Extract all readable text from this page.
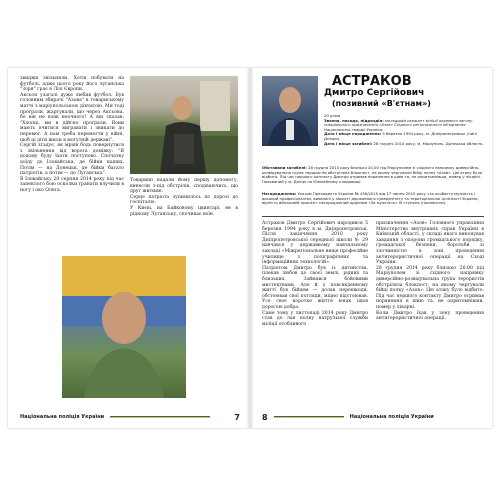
звиджи звільнили. Хотів побувати на футболі, адже цього року його луганська "Зоря" грає в Лізі Європи.
Аксьон узагалі дуже любив футбол. Був головним збирачі "Азова" в товариському матчі з маріупольською дівчатою. Ми тоді програли, жартували, що через Аксьона, бо він не взяв неочного! А він сказав: "Хлопці, ми в дійсно програли. Вони мають вчитися вигравати і звикати до перемог. А нам треба перемогти у війні, щоб ці діти жили в могутній державі".
Сергій згадує, як мріяв бодь повернутися з звільнення від ворога домівку: "Я додому буду їхати поступово. Спочатку доїду до Іловайська, де бійки наших. Потім — на Донецьк, де бійки багато патріотів, а потім — до Луганська".
В Іловайську 20 серпня 2014 року під час запеклого бою осколки гранати влучили в ногу і око Олега.

Товариші надали йому першу допомогу, винесли з-під обстрілів, сподіваючись, що друг житиме.
Серце патріота зупинилось по дорозі до госпіталю.
У Києві, на Байковому цвинтарі, не в рідному Луганську, спочиває воїн.
Національна поліція України	7
АСТРАКОВ
Дмитро Сергійович
(позивний «В'єтнам»)
20 років
Звання, посада, підрозділ: молодший сержант міліції окремого загону спеціального призначення «Азов» Східного регіонального об'єднання Національної гвардії України.
Дата і місце народження: 5 березня 1994 року, м. Дніпропетровськ (нині Дніпро).
Дата і місце загибелі: 28 грудня 2014 року, м. Маріуполь, Донецька область.
Обставини загибелі: 28 грудня 2014 року близько 20.00 під Маріуполем зі східного напрямку диверсійно-розвідувальна група терористів обстріляла блокпост, на якому чергували бійці полку «Азов». Цю атаку було відбито. Під час першого контакту Дмитро отримав поранення в шию та, не опритомнівши, помер у лікарні. Похований у м. Дніпрі на Ювілейному кладовищі.
Нагородження: Указом Президента України № 436/2015 від 17 липня 2015 року «за особисту мужність і високий професіоналізм, виявлені у захисті державного суверенітету та територіальної цілісності України, вірність військовій присязі» нагороджений орденом «За мужність» III ступеня (посмертно).

Астраков Дмитро Сергійович народився 5 березня 1994 року в м. Дніпропетровськ. Після закінчення 2010 року Дніпропетровської середньої школи № 29 навчався у державному навчальному закладі «Міжрегіональне вище професійне училище з поліграфічних та інформаційних технологій».
Патріотом Дмитро був із дитинства, плекав любов до своєї землі, рідних та близьких. Займався бойовими мистецтвами. Але й у повсякденному житті був бійцем — долав перешкоди, обстоював свої погляди, міцно відстоював. Усе своє коротке життя юнак іщов дорогою добра.
Саме тому у листопаді 2014 року Дмитро став до лав полку патрульної служби міліції особливого

призначення «Азов» Головного управління Міністерства внутрішніх справ України в Київській області, у складі якого виконував завдання з охорони громадського порядку, громадської безпеки, боротьби зі злочинністю в зоні проведення антитерористичної операції на Сході України.
28 грудня 2014 року близько 20.00 під Маріуполем зі східного напрямку диверсійно-розвідувальна група терористів обстріляла блокпост, на якому чергували бійці полку «Азов». Цю атаку було відбито. Під час першого контакту Дмитро отримав поранення в шию та, не опритомнівши, помер у лікарні.
Коли Дмитро їхав у зону проведення антитерористичної операції,

8	Національна поліція України
